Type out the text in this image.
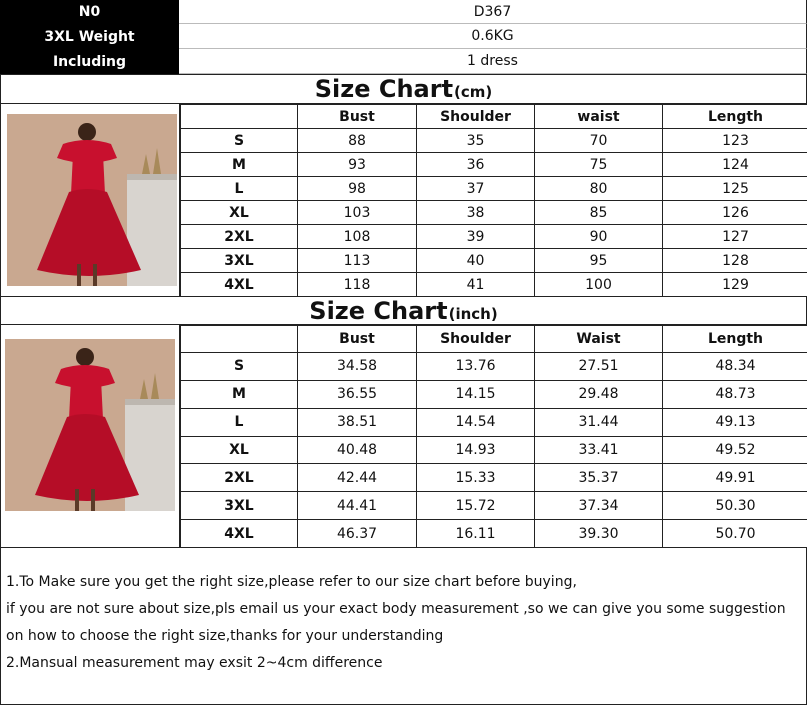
N0	D367
3XL Weight	0.6KG
Including	1 dress
Size Chart (cm)
	Bust	Shoulder	waist	Length
S	88	35	70	123
M	93	36	75	124
L	98	37	80	125
XL	103	38	85	126
2XL	108	39	90	127
3XL	113	40	95	128
4XL	118	41	100	129
Size Chart (inch)
	Bust	Shoulder	Waist	Length
S	34.58	13.76	27.51	48.34
M	36.55	14.15	29.48	48.73
L	38.51	14.54	31.44	49.13
XL	40.48	14.93	33.41	49.52
2XL	42.44	15.33	35.37	49.91
3XL	44.41	15.72	37.34	50.30
4XL	46.37	16.11	39.30	50.70
1.To Make sure you get the right size,please refer to our size chart before buying,
if you are not sure about size,pls email us your exact body measurement ,so we can give you some suggestion
on how to choose the right size,thanks for your understanding
2.Mansual measurement may exsit 2~4cm difference
